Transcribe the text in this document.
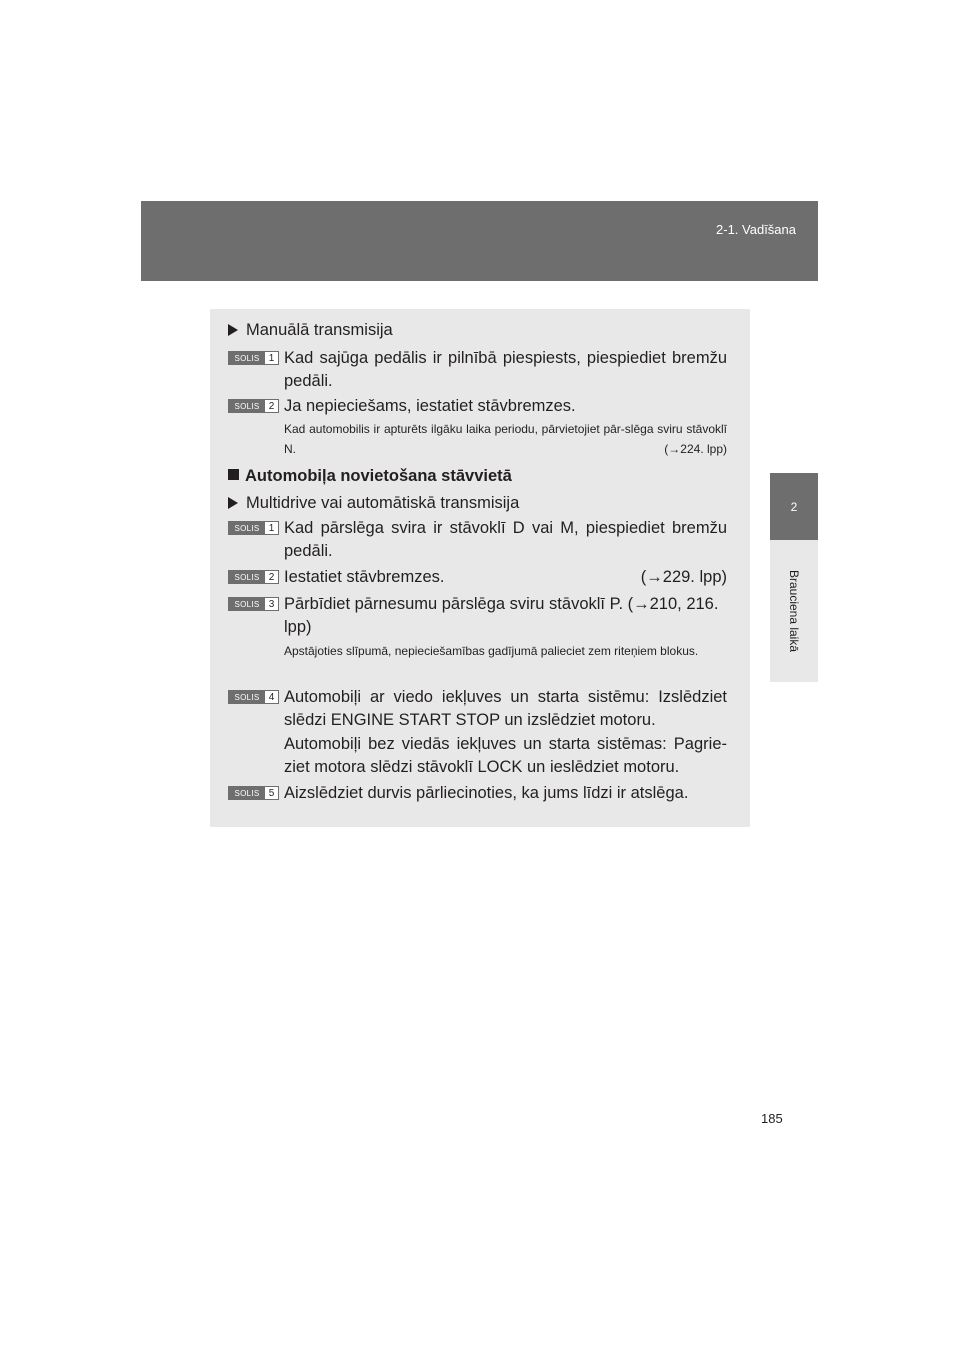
2-1. Vadīšana
2
Brauciena laikā
Manuālā transmisija
SOLIS 1 Kad sajūga pedālis ir pilnībā piespiests, piespiediet bremžu pedāli.
SOLIS 2 Ja nepieciešams, iestatiet stāvbremzes.
Kad automobilis ir apturēts ilgāku laika periodu, pārvietojiet pār-slēga sviru stāvoklī N.	(→224. lpp)
Automobiļa novietošana stāvvietā
Multidrive vai automātiskā transmisija
SOLIS 1 Kad pārslēga svira ir stāvoklī D vai M, piespiediet bremžu pedāli.
SOLIS 2 Iestatiet stāvbremzes.	(→229. lpp)
SOLIS 3 Pārbīdiet pārnesumu pārslēga sviru stāvoklī P. (→210, 216. lpp)
Apstājoties slīpumā, nepieciešamības gadījumā palieciet zem riteņiem blokus.
SOLIS 4 Automobiļi ar viedo iekļuves un starta sistēmu: Izslēdziet slēdzi ENGINE START STOP un izslēdziet motoru.
Automobiļi bez viedās iekļuves un starta sistēmas: Pagrie-ziet motora slēdzi stāvoklī LOCK un ieslēdziet motoru.
SOLIS 5 Aizslēdziet durvis pārliecinoties, ka jums līdzi ir atslēga.
185
